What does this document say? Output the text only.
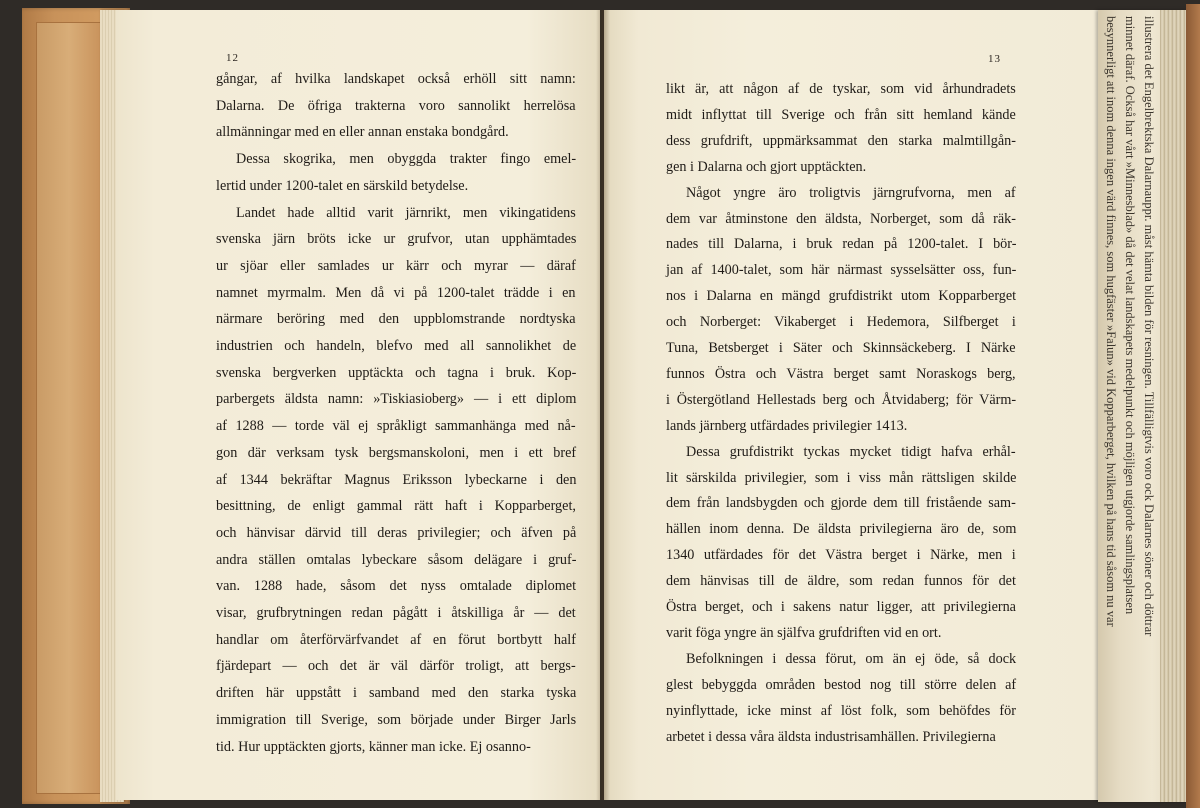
12	13
gångar, af hvilka landskapet också erhöll sitt namn:
Dalarna. De öfriga trakterna voro sannolikt herrelösa
allmänningar med en eller annan enstaka bondgård.
Dessa skogrika, men obyggda trakter fingo emel-
lertid under 1200-talet en särskild betydelse.
Landet hade alltid varit järnrikt, men vikingatidens
svenska järn bröts icke ur grufvor, utan upphämtades
ur sjöar eller samlades ur kärr och myrar — däraf
namnet myrmalm. Men då vi på 1200-talet trädde i en
närmare beröring med den uppblomstrande nordtyska
industrien och handeln, blefvo med all sannolikhet de
svenska bergverken upptäckta och tagna i bruk. Kop-
parbergets äldsta namn: »Tiskiasioberg» — i ett diplom
af 1288 — torde väl ej språkligt sammanhänga med nå-
gon där verksam tysk bergsmanskoloni, men i ett bref
af 1344 bekräftar Magnus Eriksson lybeckarne i den
besittning, de enligt gammal rätt haft i Kopparberget,
och hänvisar därvid till deras privilegier; och äfven på
andra ställen omtalas lybeckare såsom delägare i gruf-
van. 1288 hade, såsom det nyss omtalade diplomet
visar, grufbrytningen redan pågått i åtskilliga år — det
handlar om återförvärfvandet af en förut bortbytt half
fjärdepart — och det är väl därför troligt, att bergs-
driften här uppstått i samband med den starka tyska
immigration till Sverige, som började under Birger Jarls
tid. Hur upptäckten gjorts, känner man icke. Ej osanno-
likt är, att någon af de tyskar, som vid århundradets
midt inflyttat till Sverige och från sitt hemland kände
dess grufdrift, uppmärksammat den starka malmtillgån-
gen i Dalarna och gjort upptäckten.
Något yngre äro troligtvis järngrufvorna, men af
dem var åtminstone den äldsta, Norberget, som då räk-
nades till Dalarna, i bruk redan på 1200-talet. I bör-
jan af 1400-talet, som här närmast sysselsätter oss, fun-
nos i Dalarna en mängd grufdistrikt utom Kopparberget
och Norberget: Vikaberget i Hedemora, Silfberget i
Tuna, Betsberget i Säter och Skinnsäckeberg. I Närke
funnos Östra och Västra berget samt Noraskogs berg,
i Östergötland Hellestads berg och Åtvidaberg; för Värm-
lands järnberg utfärdades privilegier 1413.
Dessa grufdistrikt tyckas mycket tidigt hafva erhål-
lit särskilda privilegier, som i viss mån rättsligen skilde
dem från landsbygden och gjorde dem till fristående sam-
hällen inom denna. De äldsta privilegierna äro de, som
1340 utfärdades för det Västra berget i Närke, men i
dem hänvisas till de äldre, som redan funnos för det
Östra berget, och i sakens natur ligger, att privilegierna
varit föga yngre än själfva grufdriften vid en ort.
Befolkningen i dessa förut, om än ej öde, så dock
glest bebyggda områden bestod nog till större delen af
nyinflyttade, icke minst af löst folk, som behöfdes för
arbetet i dessa våra äldsta industrisamhällen. Privilegierna
besynnerligt att inom denna ingen värd finnes, som hugfäster »Falun» vid Kopparberget, hvilken på hans tid såsom nu var minnet däraf. Också har vårt »Minnesblad» då det velat landskapets medelpunkt och möjligen utgjorde samlingsplatsen illustrera det Engelbrektska Dalarnauppr. måst hämta bilden för resningen. Tillfälligtvis voro ock Dalarnes söner och döttrar
